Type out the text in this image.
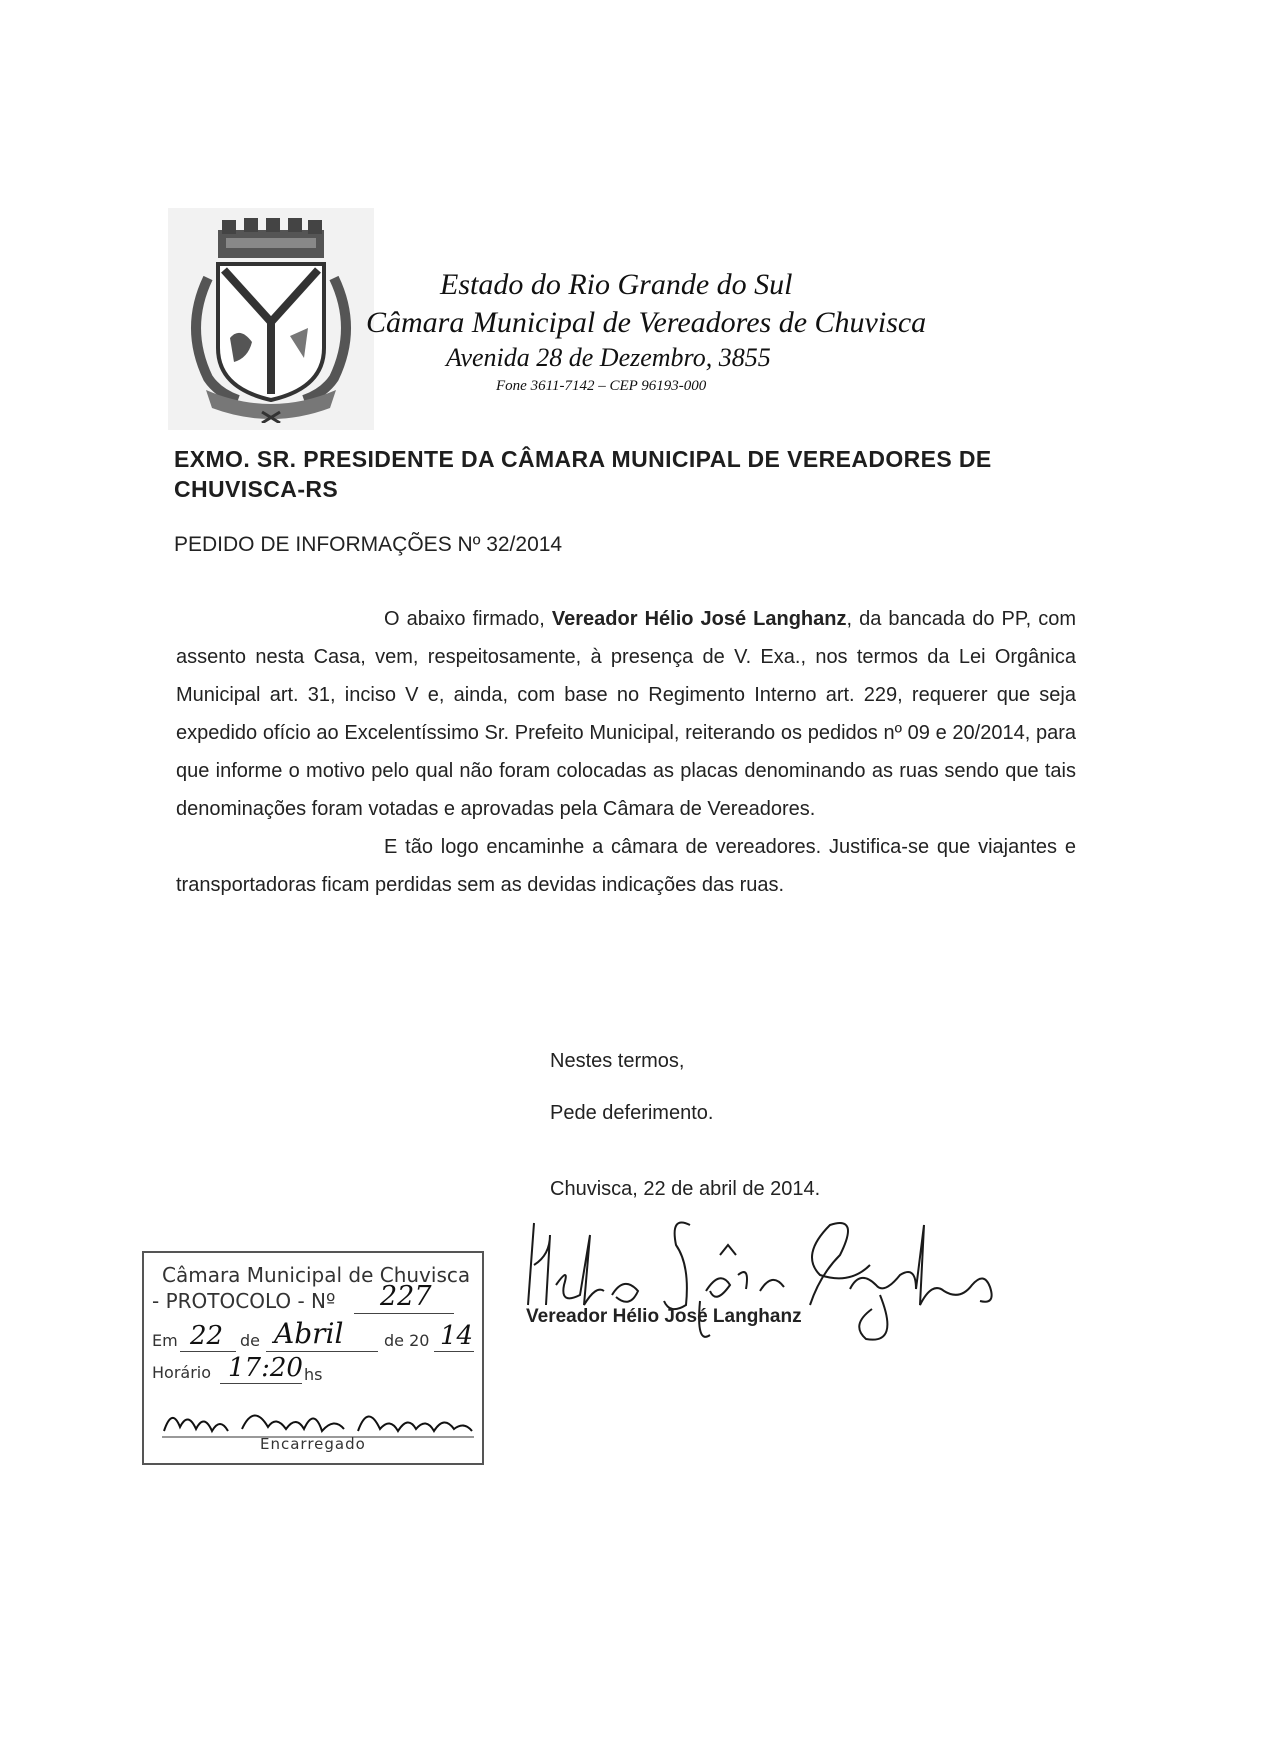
Estado do Rio Grande do Sul
Câmara Municipal de Vereadores de Chuvisca
Avenida 28 de Dezembro, 3855
Fone 3611-7142 – CEP 96193-000
EXMO. SR. PRESIDENTE DA CÂMARA MUNICIPAL DE VEREADORES DE CHUVISCA-RS
PEDIDO DE INFORMAÇÕES Nº 32/2014

O abaixo firmado, Vereador Hélio José Langhanz, da bancada do PP, com assento nesta Casa, vem, respeitosamente, à presença de V. Exa., nos termos da Lei Orgânica Municipal art. 31, inciso V e, ainda, com base no Regimento Interno art. 229, requerer que seja expedido ofício ao Excelentíssimo Sr. Prefeito Municipal, reiterando os pedidos nº 09 e 20/2014, para que informe o motivo pelo qual não foram colocadas as placas denominando as ruas sendo que tais denominações foram votadas e aprovadas pela Câmara de Vereadores.

E tão logo encaminhe a câmara de vereadores. Justifica-se que viajantes e transportadoras ficam perdidas sem as devidas indicações das ruas.

Nestes termos,
Pede deferimento.
Chuvisca, 22 de abril de 2014.
Vereador Hélio José Langhanz
Câmara Municipal de Chuvisca
- PROTOCOLO - Nº 227
Em 22 de Abril	de 20 14
Horário 17:20 hs
Encarregado
